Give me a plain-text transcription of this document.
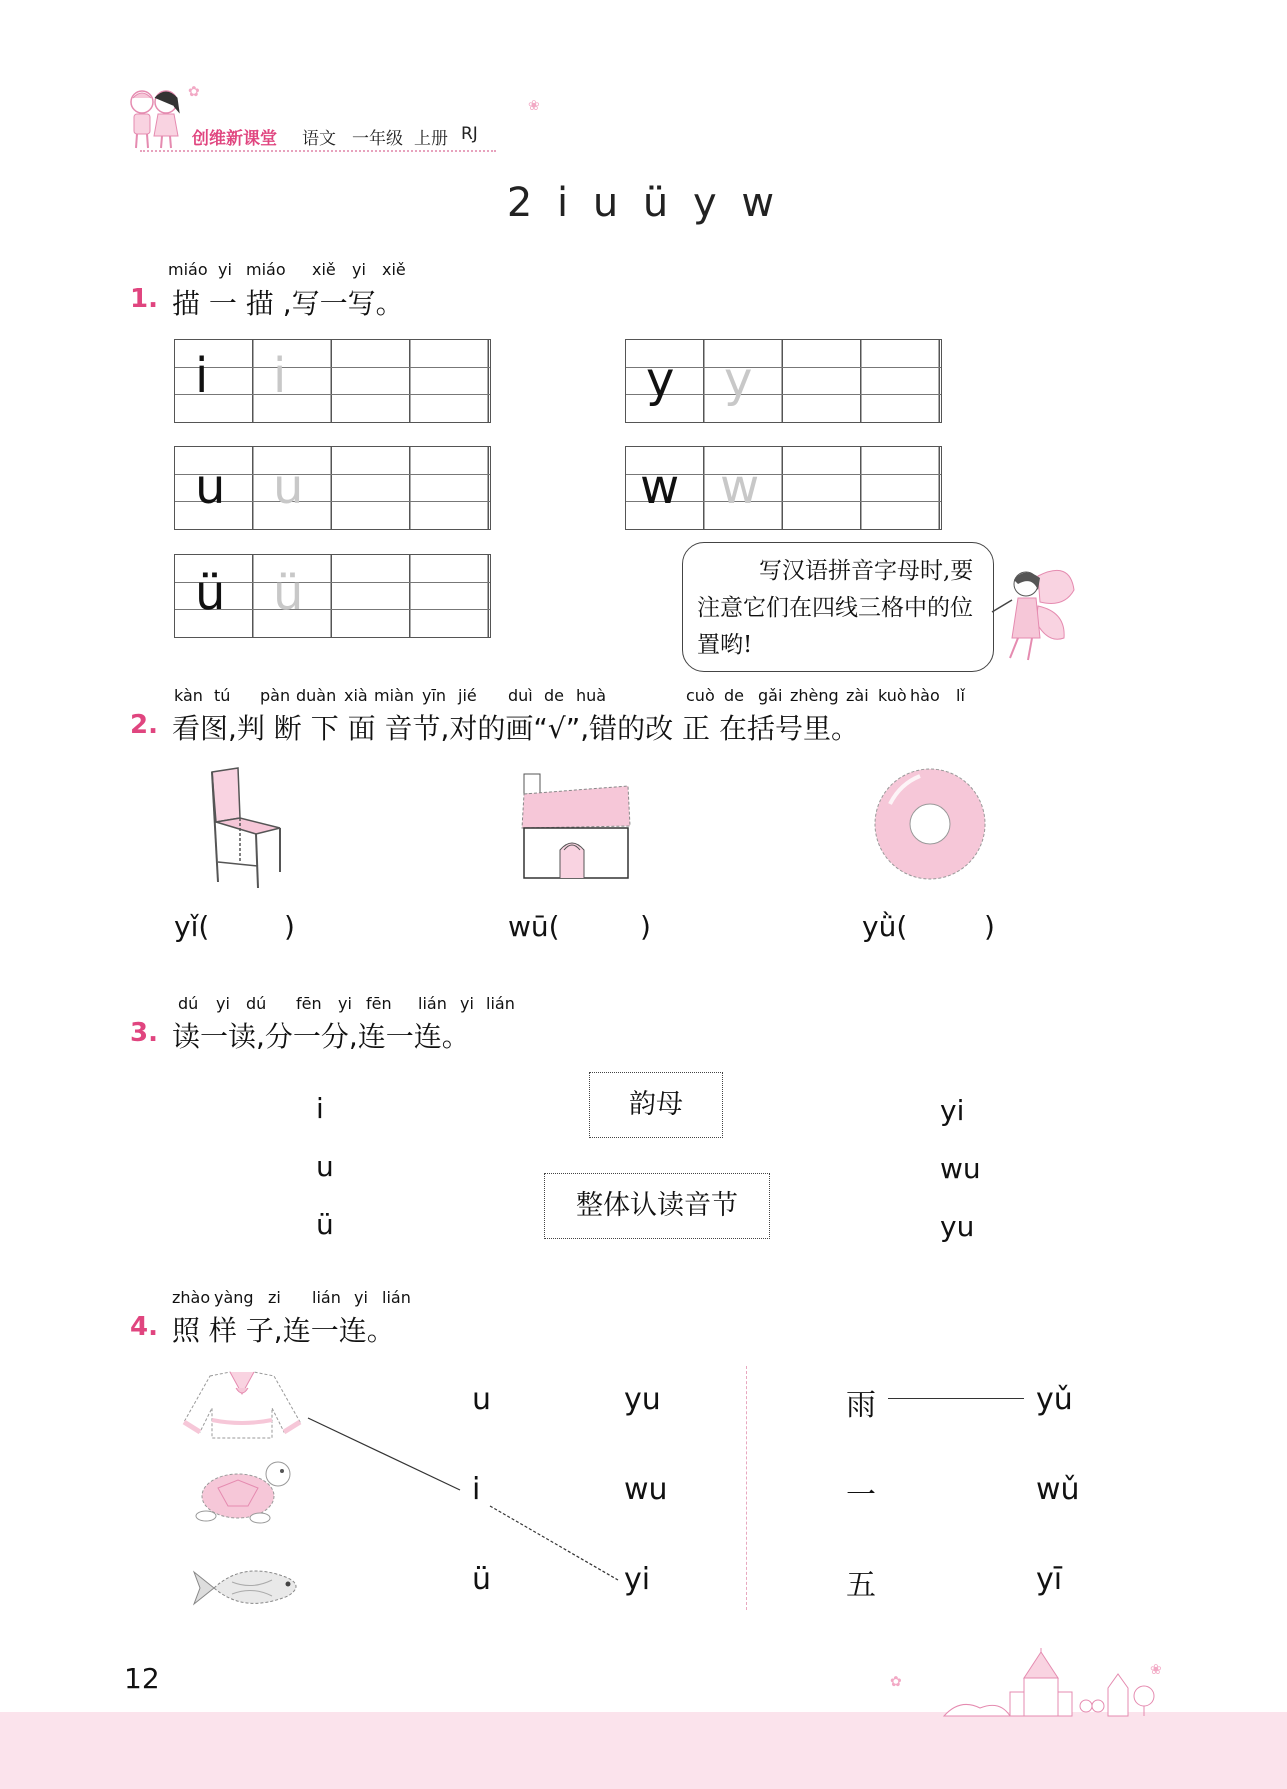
创维新课堂 语文 一年级 上册 RJ
✿
❀
2 i u ü y w
miáo yi miáo xiě yi xiě
1. 描 一 描 ,写一写。
i i
u u
ü ü
y y
w w
写汉语拼音字母时,要注意它们在四线三格中的位置哟!
kàn tú pàn duàn xià miàn yīn jié duì de huà	cuò de gǎi zhèng zài kuò hào lǐ
2. 看图,判 断 下 面 音节,对的画“√”,错的改 正 在括号里。
yǐ(	)	wū(	)	yǜ(	)
dú yi dú fēn yi fēn lián yi lián
3. 读一读,分一分,连一连。
i
u
ü
韵母
整体认读音节
yi
wu
yu
zhào yàng zi lián yi lián
4. 照 样 子,连一连。
u
i
ü
yu
wu
yi
雨
一
五
yǔ
wǔ
yī
12	✿
❀
